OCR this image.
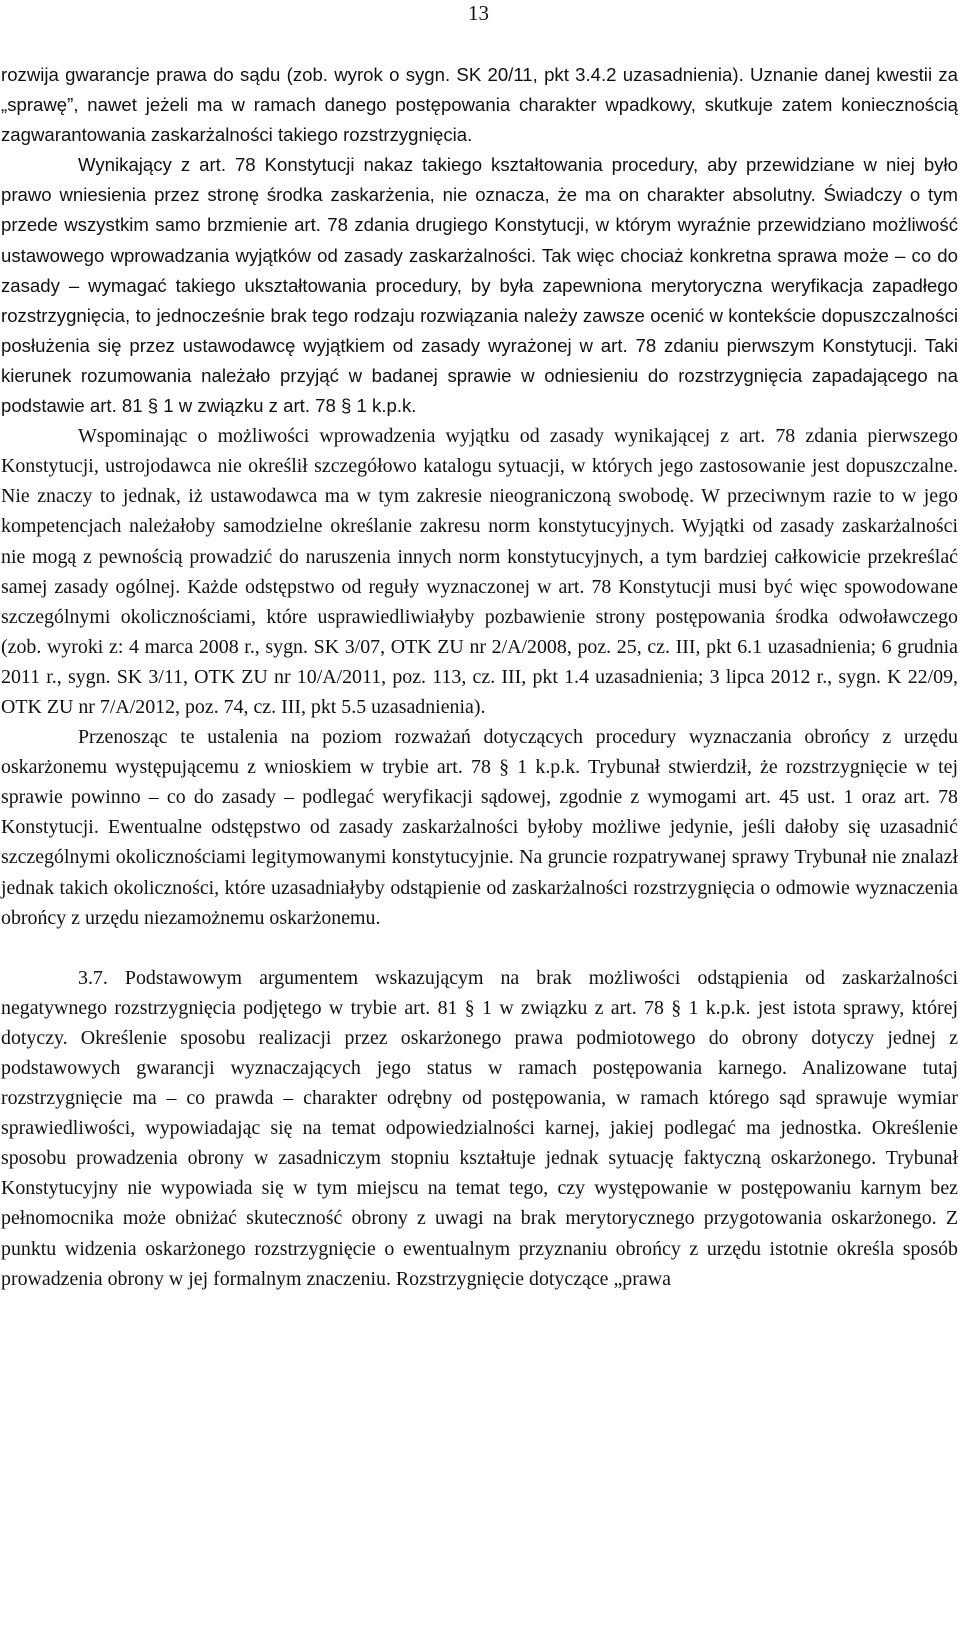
13

rozwija gwarancje prawa do sądu (zob. wyrok o sygn. SK 20/11, pkt 3.4.2 uzasadnienia). Uznanie danej kwestii za „sprawę”, nawet jeżeli ma w ramach danego postępowania charakter wpadkowy, skutkuje zatem koniecznością zagwarantowania zaskarżalności takiego rozstrzygnięcia.

Wynikający z art. 78 Konstytucji nakaz takiego kształtowania procedury, aby przewidziane w niej było prawo wniesienia przez stronę środka zaskarżenia, nie oznacza, że ma on charakter absolutny. Świadczy o tym przede wszystkim samo brzmienie art. 78 zdania drugiego Konstytucji, w którym wyraźnie przewidziano możliwość ustawowego wprowadzania wyjątków od zasady zaskarżalności. Tak więc chociaż konkretna sprawa może – co do zasady – wymagać takiego ukształtowania procedury, by była zapewniona merytoryczna weryfikacja zapadłego rozstrzygnięcia, to jednocześnie brak tego rodzaju rozwiązania należy zawsze ocenić w kontekście dopuszczalności posłużenia się przez ustawodawcę wyjątkiem od zasady wyrażonej w art. 78 zdaniu pierwszym Konstytucji. Taki kierunek rozumowania należało przyjąć w badanej sprawie w odniesieniu do rozstrzygnięcia zapadającego na podstawie art. 81 § 1 w związku z art. 78 § 1 k.p.k.

Wspominając o możliwości wprowadzenia wyjątku od zasady wynikającej z art. 78 zdania pierwszego Konstytucji, ustrojodawca nie określił szczegółowo katalogu sytuacji, w których jego zastosowanie jest dopuszczalne. Nie znaczy to jednak, iż ustawodawca ma w tym zakresie nieograniczoną swobodę. W przeciwnym razie to w jego kompetencjach należałoby samodzielne określanie zakresu norm konstytucyjnych. Wyjątki od zasady zaskarżalności nie mogą z pewnością prowadzić do naruszenia innych norm konstytucyjnych, a tym bardziej całkowicie przekreślać samej zasady ogólnej. Każde odstępstwo od reguły wyznaczonej w art. 78 Konstytucji musi być więc spowodowane szczególnymi okolicznościami, które usprawiedliwiałyby pozbawienie strony postępowania środka odwoławczego (zob. wyroki z: 4 marca 2008 r., sygn. SK 3/07, OTK ZU nr 2/A/2008, poz. 25, cz. III, pkt 6.1 uzasadnienia; 6 grudnia 2011 r., sygn. SK 3/11, OTK ZU nr 10/A/2011, poz. 113, cz. III, pkt 1.4 uzasadnienia; 3 lipca 2012 r., sygn. K 22/09, OTK ZU nr 7/A/2012, poz. 74, cz. III, pkt 5.5 uzasadnienia).

Przenosząc te ustalenia na poziom rozważań dotyczących procedury wyznaczania obrońcy z urzędu oskarżonemu występującemu z wnioskiem w trybie art. 78 § 1 k.p.k. Trybunał stwierdził, że rozstrzygnięcie w tej sprawie powinno – co do zasady – podlegać weryfikacji sądowej, zgodnie z wymogami art. 45 ust. 1 oraz art. 78 Konstytucji. Ewentualne odstępstwo od zasady zaskarżalności byłoby możliwe jedynie, jeśli dałoby się uzasadnić szczególnymi okolicznościami legitymowanymi konstytucyjnie. Na gruncie rozpatrywanej sprawy Trybunał nie znalazł jednak takich okoliczności, które uzasadniałyby odstąpienie od zaskarżalności rozstrzygnięcia o odmowie wyznaczenia obrońcy z urzędu niezamożnemu oskarżonemu.

3.7. Podstawowym argumentem wskazującym na brak możliwości odstąpienia od zaskarżalności negatywnego rozstrzygnięcia podjętego w trybie art. 81 § 1 w związku z art. 78 § 1 k.p.k. jest istota sprawy, której dotyczy. Określenie sposobu realizacji przez oskarżonego prawa podmiotowego do obrony dotyczy jednej z podstawowych gwarancji wyznaczających jego status w ramach postępowania karnego. Analizowane tutaj rozstrzygnięcie ma – co prawda – charakter odrębny od postępowania, w ramach którego sąd sprawuje wymiar sprawiedliwości, wypowiadając się na temat odpowiedzialności karnej, jakiej podlegać ma jednostka. Określenie sposobu prowadzenia obrony w zasadniczym stopniu kształtuje jednak sytuację faktyczną oskarżonego. Trybunał Konstytucyjny nie wypowiada się w tym miejscu na temat tego, czy występowanie w postępowaniu karnym bez pełnomocnika może obniżać skuteczność obrony z uwagi na brak merytorycznego przygotowania oskarżonego. Z punktu widzenia oskarżonego rozstrzygnięcie o ewentualnym przyznaniu obrońcy z urzędu istotnie określa sposób prowadzenia obrony w jej formalnym znaczeniu. Rozstrzygnięcie dotyczące „prawa
